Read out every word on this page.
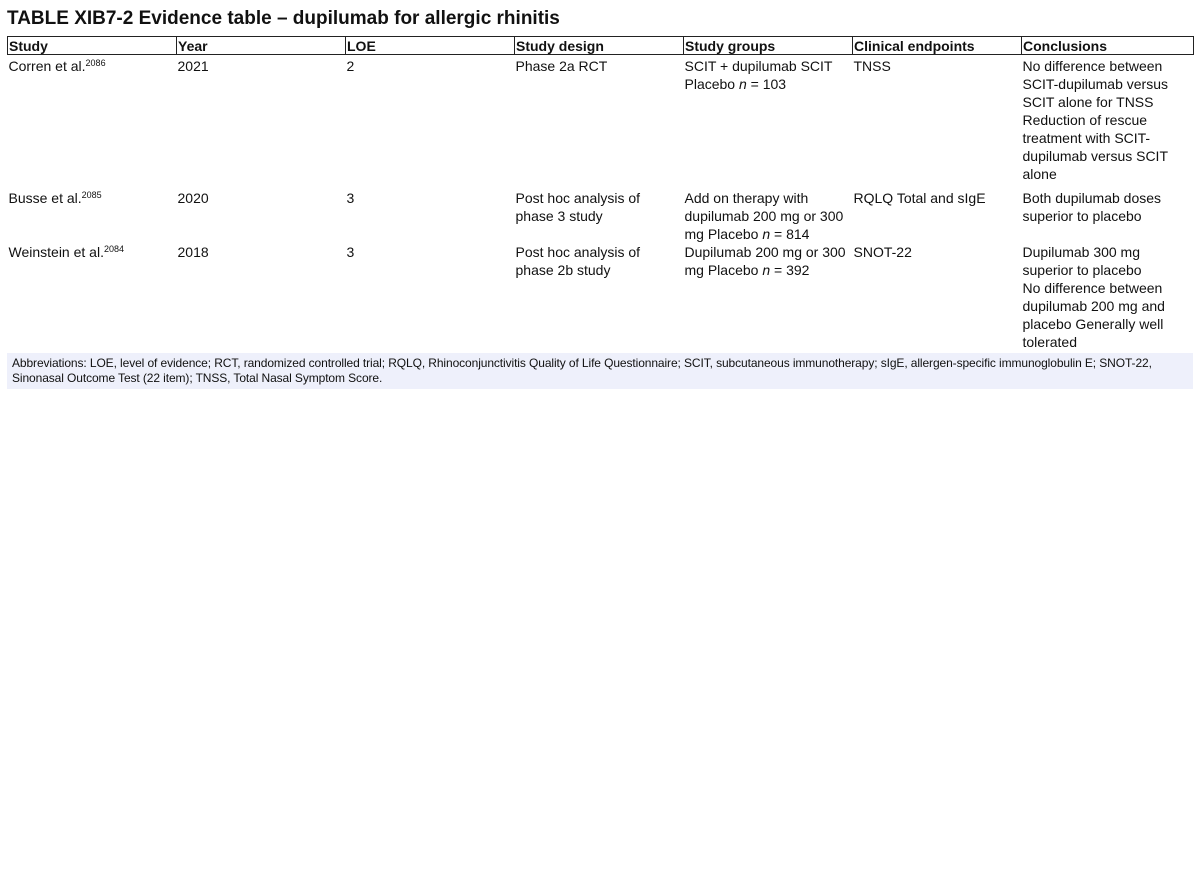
TABLE XIB7-2 Evidence table – dupilumab for allergic rhinitis
Study	Year	LOE	Study design	Study groups	Clinical endpoints	Conclusions
Corren et al.$^{2086}$	2021	2	Phase 2a RCT	SCIT + dupilumab SCIT Placebo n = 103	TNSS	No difference between SCIT-dupilumab versus SCIT alone for TNSS
Reduction of rescue treatment with SCIT-dupilumab versus SCIT alone

Busse et al.$^{2085}$	2020	3	Post hoc analysis of phase 3 study	Add on therapy with dupilumab 200 mg or 300 mg Placebo n = 814	RQLQ Total and sIgE	Both dupilumab doses superior to placebo

Weinstein et al.$^{2084}$	2018	3	Post hoc analysis of phase 2b study	Dupilumab 200 mg or 300 mg Placebo n = 392	SNOT-22	Dupilumab 300 mg superior to placebo
No difference between dupilumab 200 mg and placebo Generally well tolerated
Abbreviations: LOE, level of evidence; RCT, randomized controlled trial; RQLQ, Rhinoconjunctivitis Quality of Life Questionnaire; SCIT, subcutaneous immunotherapy; sIgE, allergen-specific immunoglobulin E; SNOT-22, Sinonasal Outcome Test (22 item); TNSS, Total Nasal Symptom Score.
